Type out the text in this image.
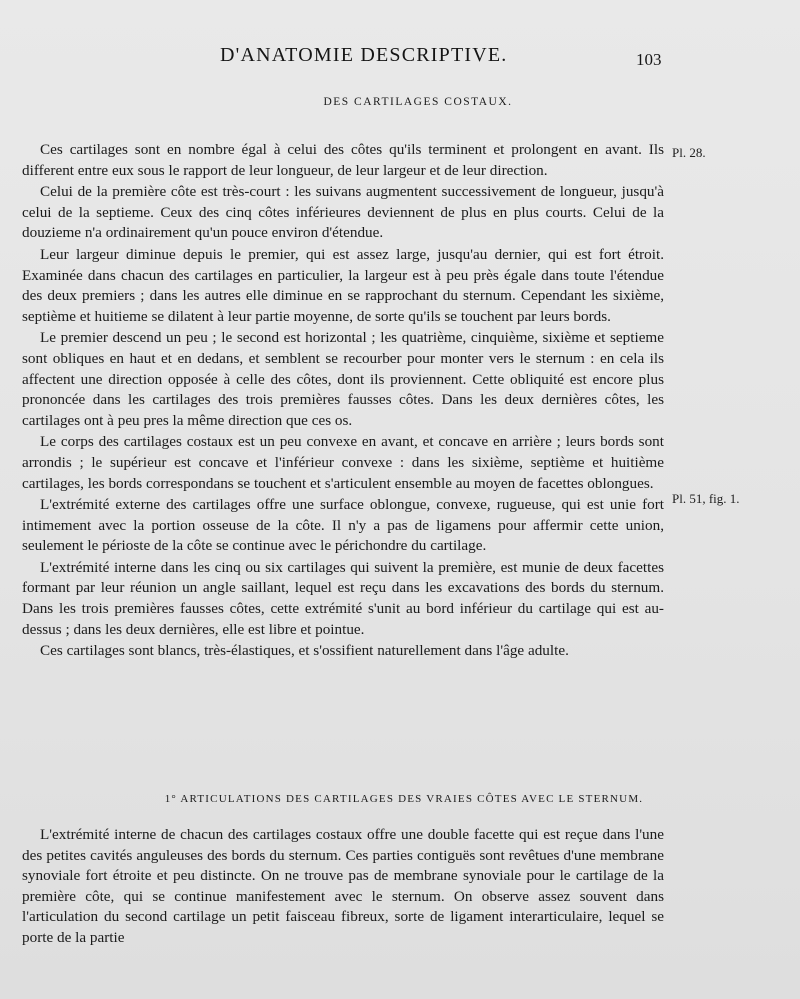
D'ANATOMIE DESCRIPTIVE.	103
DES CARTILAGES COSTAUX.

Ces cartilages sont en nombre égal à celui des côtes qu'ils terminent et prolongent en avant. Ils different entre eux sous le rapport de leur longueur, de leur largeur et de leur direction.

Celui de la première côte est très-court : les suivans augmentent successivement de longueur, jusqu'à celui de la septieme. Ceux des cinq côtes inférieures deviennent de plus en plus courts. Celui de la douzieme n'a ordinairement qu'un pouce environ d'étendue.

Leur largeur diminue depuis le premier, qui est assez large, jusqu'au dernier, qui est fort étroit. Examinée dans chacun des cartilages en particulier, la largeur est à peu près égale dans toute l'étendue des deux premiers ; dans les autres elle diminue en se rapprochant du sternum. Cependant les sixième, septième et huitieme se dilatent à leur partie moyenne, de sorte qu'ils se touchent par leurs bords.

Le premier descend un peu ; le second est horizontal ; les quatrième, cinquième, sixième et septieme sont obliques en haut et en dedans, et semblent se recourber pour monter vers le sternum : en cela ils affectent une direction opposée à celle des côtes, dont ils proviennent. Cette obliquité est encore plus prononcée dans les cartilages des trois premières fausses côtes. Dans les deux dernières côtes, les cartilages ont à peu pres la même direction que ces os.

Le corps des cartilages costaux est un peu convexe en avant, et concave en arrière ; leurs bords sont arrondis ; le supérieur est concave et l'inférieur convexe : dans les sixième, septième et huitième cartilages, les bords correspondans se touchent et s'articulent ensemble au moyen de facettes oblongues.

L'extrémité externe des cartilages offre une surface oblongue, convexe, rugueuse, qui est unie fort intimement avec la portion osseuse de la côte. Il n'y a pas de ligamens pour affermir cette union, seulement le périoste de la côte se continue avec le périchondre du cartilage.

L'extrémité interne dans les cinq ou six cartilages qui suivent la première, est munie de deux facettes formant par leur réunion un angle saillant, lequel est reçu dans les excavations des bords du sternum. Dans les trois premières fausses côtes, cette extrémité s'unit au bord inférieur du cartilage qui est au-dessus ; dans les deux dernières, elle est libre et pointue.

Ces cartilages sont blancs, très-élastiques, et s'ossifient naturellement dans l'âge adulte.

Pl. 28.
Pl. 51, fig. 1.
1° ARTICULATIONS DES CARTILAGES DES VRAIES CÔTES AVEC LE STERNUM.

L'extrémité interne de chacun des cartilages costaux offre une double facette qui est reçue dans l'une des petites cavités anguleuses des bords du sternum. Ces parties contiguës sont revêtues d'une membrane synoviale fort étroite et peu distincte. On ne trouve pas de membrane synoviale pour le cartilage de la première côte, qui se continue manifestement avec le sternum. On observe assez souvent dans l'articulation du second cartilage un petit faisceau fibreux, sorte de ligament interarticulaire, lequel se porte de la partie
